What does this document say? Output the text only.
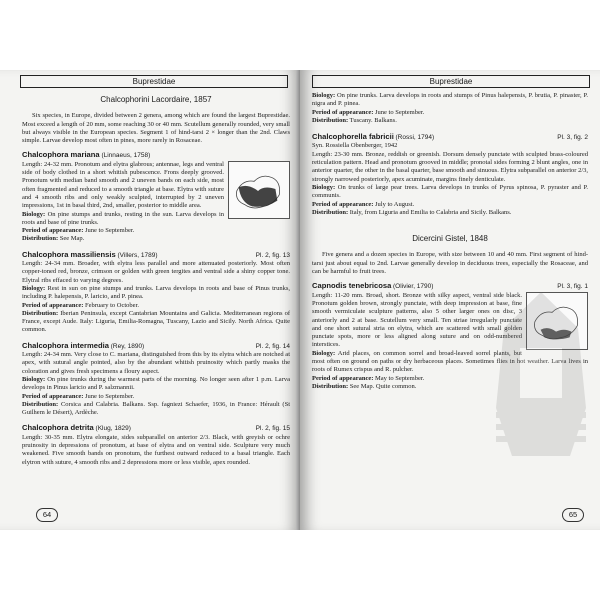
Buprestidae
Chalcophorini Lacordaire, 1857

Six species, in Europe, divided between 2 genera, among which are found the largest Buprestidae. Most exceed a length of 20 mm, some reaching 30 or 40 mm. Scutellum generally rounded, very small but always visible in the European species. Segment 1 of hind-tarsi 2 × longer than the 2nd. Claws simple. Larvae develop most often in pines, more rarely in Rosaceae.

Chalcophora mariana (Linnaeus, 1758)

Length: 24-32 mm. Pronotum and elytra glabrous; antennae, legs and ventral side of body clothed in a short whitish pubescence. Frons deeply grooved. Pronotum with median band smooth and 2 uneven bands on each side, most often fragmented and reduced to a smooth triangle at base. Elytra with suture and 4 smooth ribs and only weakly sculpted, interrupted by 2 uneven impressions, 1st in basal third, 2nd, smaller, posterior to middle area.

Biology: On pine stumps and trunks, resting in the sun. Larva develops in roots and base of pine trunks.

Period of appearance: June to September.

Distribution: See Map.

Chalcophora massiliensis (Villers, 1789)	Pl. 2, fig. 13

Length: 24-34 mm. Broader, with elytra less parallel and more attenuated posteriorly. Most often copper-toned red, bronze, crimson or golden with green tergites and ventral side a shiny copper tone. Elytral ribs effaced to varying degrees.

Biology: Rest in sun on pine stumps and trunks. Larva develops in roots and base of Pinus trunks, including P. halepensis, P. laricio, and P. pinea.

Period of appearance: February to October.

Distribution: Iberian Peninsula, except Cantabrian Mountains and Galicia. Mediterranean regions of France, except Aude. Italy: Liguria, Emilia-Romagna, Tuscany, Lazio and Sicily. North Africa. Quite common.

Chalcophora intermedia (Rey, 1890)	Pl. 2, fig. 14

Length: 24-34 mm. Very close to C. mariana, distinguished from this by its elytra which are notched at apex, with sutural angle pointed, also by the abundant whitish pruinosity which partly masks the coloration and gives fresh specimens a floury aspect.

Biology: On pine trunks during the warmest parts of the morning. No longer seen after 1 p.m. Larva develops in Pinus laricio and P. salzmannii.

Period of appearance: June to September.

Distribution: Corsica and Calabria. Balkans. Ssp. fagniezi Schaefer, 1936, in France: Hérault (St Guilhem le Désert), Ardèche.

Chalcophora detrita (Klug, 1829)	Pl. 2, fig. 15

Length: 30-35 mm. Elytra elongate, sides subparallel on anterior 2/3. Black, with greyish or ochre pruinosity in depressions of pronotum, at base of elytra and on ventral side. Sculpture very much weakened. Five smooth bands on pronotum, the furthest outward reduced to a basal triangle. Each elytron with suture, 4 smooth ribs and 2 depressions more or less visible, apex rounded.

64
Buprestidae

Biology: On pine trunks. Larva develops in roots and stumps of Pinus halepensis, P. brutia, P. pinaster, P. nigra and P. pinea.

Period of appearance: June to September.

Distribution: Tuscany. Balkans.

Chalcophorella fabricii (Rossi, 1794)	Pl. 3, fig. 2

Syn. Rossiella Obenberger, 1942

Length: 23-30 mm. Bronze, reddish or greenish. Dorsum densely punctate with sculpted brass-coloured reticulation pattern. Head and pronotum grooved in middle; pronotal sides forming 2 blunt angles, one in anterior quarter, the other in the basal quarter, base smooth and sinuous. Elytra subparallel on anterior 2/3, strongly narrowed posteriorly, apex acuminate, margins finely denticulate.

Biology: On trunks of large pear trees. Larva develops in trunks of Pyrus spinosa, P. pyraster and P. communis.

Period of appearance: July to August.

Distribution: Italy, from Liguria and Emilia to Calabria and Sicily. Balkans.

Dicercini Gistel, 1848

Five genera and a dozen species in Europe, with size between 10 and 40 mm. First segment of hind-tarsi just about equal to 2nd. Larvae generally develop in deciduous trees, especially the Rosaceae, and can be harmful to fruit trees.

Capnodis tenebricosa (Olivier, 1790)	Pl. 3, fig. 1

Length: 11-20 mm. Broad, short. Bronze with silky aspect, ventral side black. Pronotum golden brown, strongly punctate, with deep impression at base, fine smooth vermiculate sculpture patterns, also 5 other larger ones on disc, 3 anteriorly and 2 at base. Scutellum very small. Ten striae irregularly punctate and one short sutural stria on elytra, which are scattered with small golden punctate spots, more or less aligned along suture and on odd-numbered interstices.

Biology: Arid places, on common sorrel and broad-leaved sorrel plants, but most often on ground on paths or dry herbaceous places. Sometimes flies in hot weather. Larva lives in roots of Rumex crispus and R. pulcher.

Period of appearance: May to September.

Distribution: See Map. Quite common.

65
